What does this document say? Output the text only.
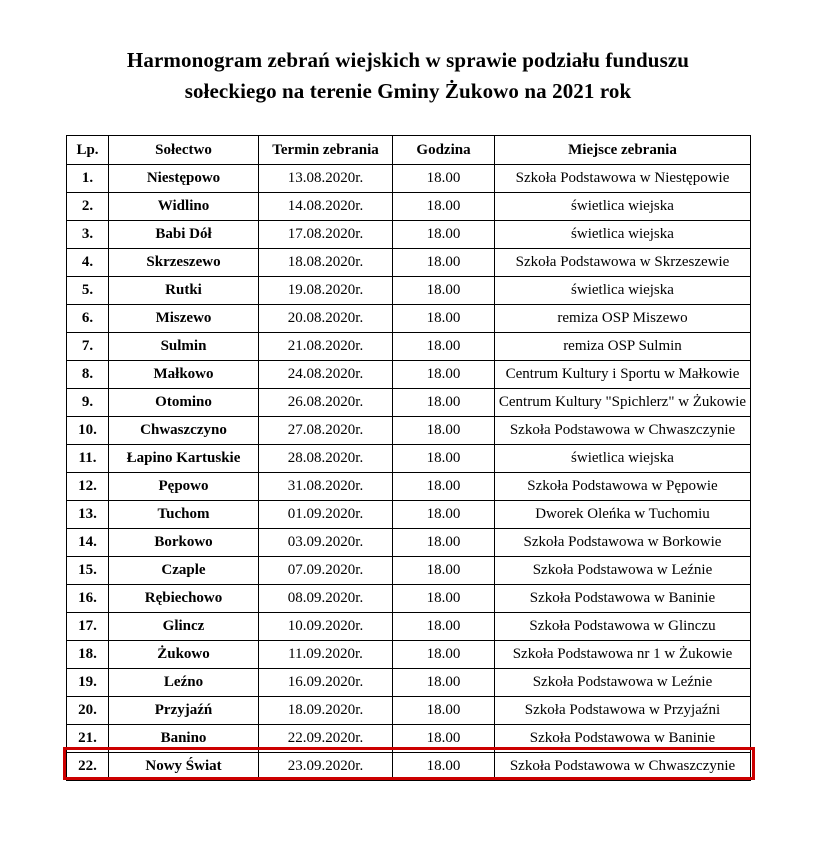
Harmonogram zebrań wiejskich w sprawie podziału funduszu
sołeckiego na terenie Gminy Żukowo na 2021 rok
Lp.	Sołectwo	Termin zebrania	Godzina	Miejsce zebrania
1.	Niestępowo	13.08.2020r.	18.00	Szkoła Podstawowa w Niestępowie
2.	Widlino	14.08.2020r.	18.00	świetlica wiejska
3.	Babi Dół	17.08.2020r.	18.00	świetlica wiejska
4.	Skrzeszewo	18.08.2020r.	18.00	Szkoła Podstawowa w Skrzeszewie
5.	Rutki	19.08.2020r.	18.00	świetlica wiejska
6.	Miszewo	20.08.2020r.	18.00	remiza OSP Miszewo
7.	Sulmin	21.08.2020r.	18.00	remiza OSP Sulmin
8.	Małkowo	24.08.2020r.	18.00	Centrum Kultury i Sportu w Małkowie
9.	Otomino	26.08.2020r.	18.00	Centrum Kultury "Spichlerz" w Żukowie
10.	Chwaszczyno	27.08.2020r.	18.00	Szkoła Podstawowa w Chwaszczynie
11.	Łapino Kartuskie	28.08.2020r.	18.00	świetlica wiejska
12.	Pępowo	31.08.2020r.	18.00	Szkoła Podstawowa w Pępowie
13.	Tuchom	01.09.2020r.	18.00	Dworek Oleńka w Tuchomiu
14.	Borkowo	03.09.2020r.	18.00	Szkoła Podstawowa w Borkowie
15.	Czaple	07.09.2020r.	18.00	Szkoła Podstawowa w Leźnie
16.	Rębiechowo	08.09.2020r.	18.00	Szkoła Podstawowa w Baninie
17.	Glincz	10.09.2020r.	18.00	Szkoła Podstawowa w Glinczu
18.	Żukowo	11.09.2020r.	18.00	Szkoła Podstawowa nr 1 w Żukowie
19.	Leźno	16.09.2020r.	18.00	Szkoła Podstawowa w Leźnie
20.	Przyjaźń	18.09.2020r.	18.00	Szkoła Podstawowa w Przyjaźni
21.	Banino	22.09.2020r.	18.00	Szkoła Podstawowa w Baninie
22.	Nowy Świat	23.09.2020r.	18.00	Szkoła Podstawowa w Chwaszczynie
